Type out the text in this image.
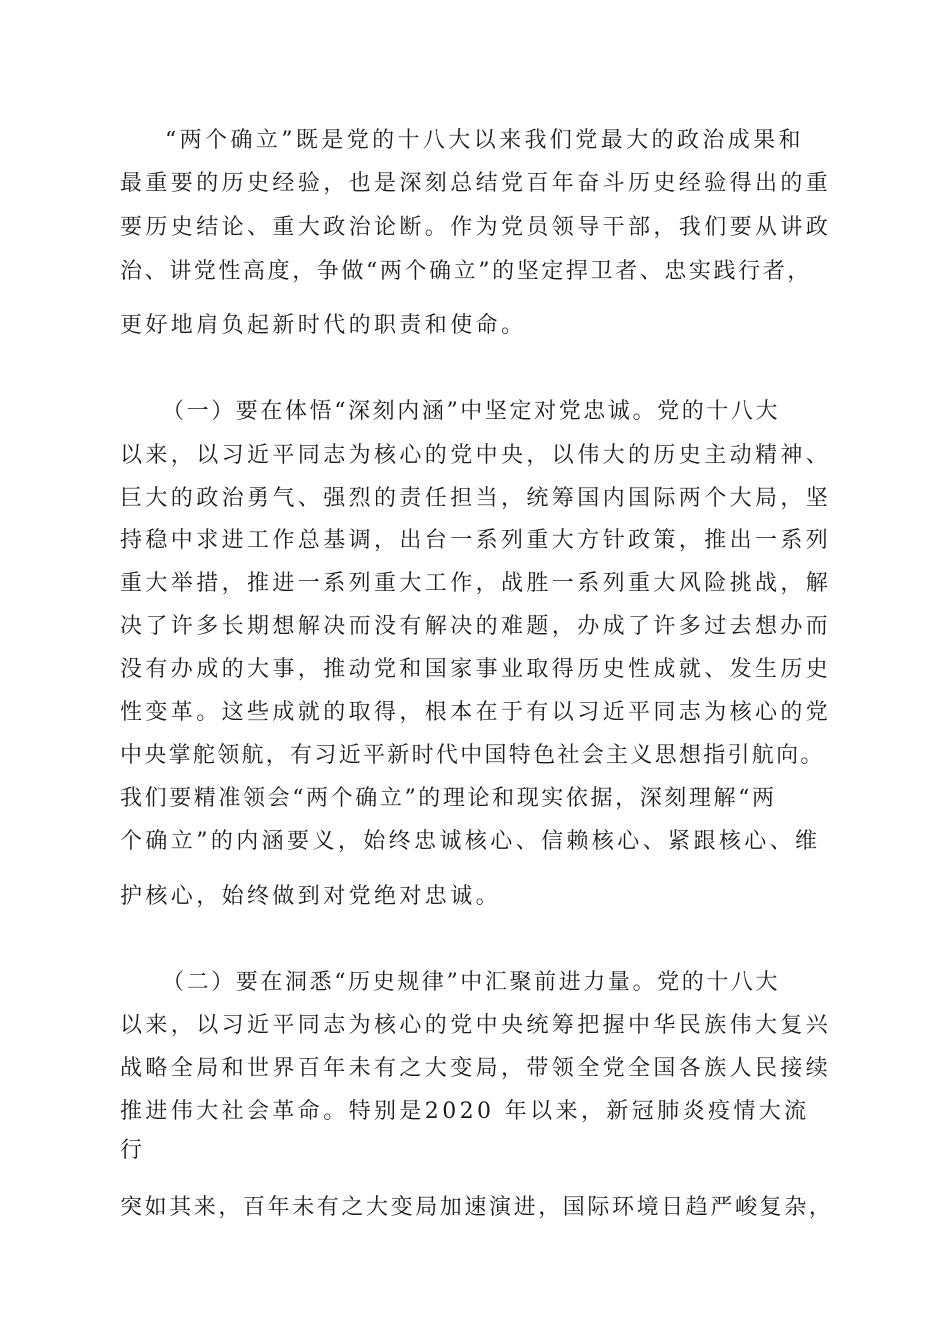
“两个确立”既是党的十八大以来我们党最大的政治成果和
最重要的历史经验，也是深刻总结党百年奋斗历史经验得出的重
要历史结论、重大政治论断。作为党员领导干部，我们要从讲政
治、讲党性高度，争做“两个确立”的坚定捍卫者、忠实践行者，
更好地肩负起新时代的职责和使命。
（一）要在体悟“深刻内涵”中坚定对党忠诚。党的十八大
以来，以习近平同志为核心的党中央，以伟大的历史主动精神、
巨大的政治勇气、强烈的责任担当，统筹国内国际两个大局，坚
持稳中求进工作总基调，出台一系列重大方针政策，推出一系列
重大举措，推进一系列重大工作，战胜一系列重大风险挑战，解
决了许多长期想解决而没有解决的难题，办成了许多过去想办而
没有办成的大事，推动党和国家事业取得历史性成就、发生历史
性变革。这些成就的取得，根本在于有以习近平同志为核心的党
中央掌舵领航，有习近平新时代中国特色社会主义思想指引航向。
我们要精准领会“两个确立”的理论和现实依据，深刻理解“两
个确立”的内涵要义，始终忠诚核心、信赖核心、紧跟核心、维
护核心，始终做到对党绝对忠诚。
（二）要在洞悉“历史规律”中汇聚前进力量。党的十八大
以来，以习近平同志为核心的党中央统筹把握中华民族伟大复兴
战略全局和世界百年未有之大变局，带领全党全国各族人民接续
推进伟大社会革命。特别是2020 年以来，新冠肺炎疫情大流
行
突如其来，百年未有之大变局加速演进，国际环境日趋严峻复杂，
